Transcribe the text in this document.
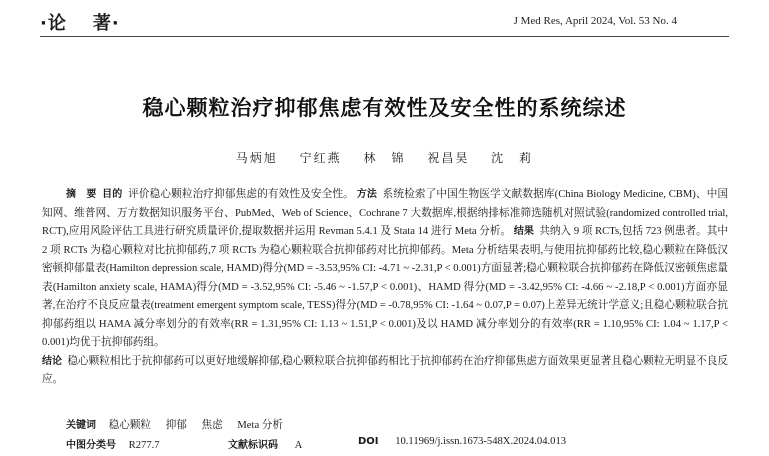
·论 著·	J Med Res, April 2024, Vol. 53 No. 4
稳心颗粒治疗抑郁焦虑有效性及安全性的系统综述
马炳旭 宁红燕 林　锦 祝昌昊 沈　莉

摘　要 目的 评价稳心颗粒治疗抑郁焦虑的有效性及安全性。 方法 系统检索了中国生物医学文献数据库(China Biology Medicine, CBM)、中国知网、维普网、万方数据知识服务平台、PubMed、Web of Science、Cochrane 7 大数据库,根据纳排标准筛选随机对照试验(randomized controlled trial, RCT),应用风险评估工具进行研究质量评价,提取数据并运用 Revman 5.4.1 及 Stata 14 进行 Meta 分析。 结果 共纳入 9 项 RCTs,包括 723 例患者。其中 2 项 RCTs 为稳心颗粒对比抗抑郁药,7 项 RCTs 为稳心颗粒联合抗抑郁药对比抗抑郁药。Meta 分析结果表明,与使用抗抑郁药比较,稳心颗粒在降低汉密顿抑郁量表(Hamilton depression scale, HAMD)得分(MD = -3.53,95% CI: -4.71 ~ -2.31,P < 0.001)方面显著;稳心颗粒联合抗抑郁药在降低汉密顿焦虑量表(Hamilton anxiety scale, HAMA)得分(MD = -3.52,95% CI: -5.46 ~ -1.57,P < 0.001)、HAMD 得分(MD = -3.42,95% CI: -4.66 ~ -2.18,P < 0.001)方面亦显著,在治疗不良反应量表(treatment emergent symptom scale, TESS)得分(MD = -0.78,95% CI: -1.64 ~ 0.07,P = 0.07)上差异无统计学意义;且稳心颗粒联合抗抑郁药组以 HAMA 减分率划分的有效率(RR = 1.31,95% CI: 1.13 ~ 1.51,P < 0.001)及以 HAMD 减分率划分的有效率(RR = 1.10,95% CI: 1.04 ~ 1.17,P < 0.001)均优于抗抑郁药组。

结论 稳心颗粒相比于抗抑郁药可以更好地缓解抑郁,稳心颗粒联合抗抑郁药相比于抗抑郁药在治疗抑郁焦虑方面效果更显著且稳心颗粒无明显不良反应。

关键词 稳心颗粒 抑郁 焦虑 Meta 分析
中图分类号 R277.7	文献标识码 A	DOI 10.11969/j.issn.1673-548X.2024.04.013
